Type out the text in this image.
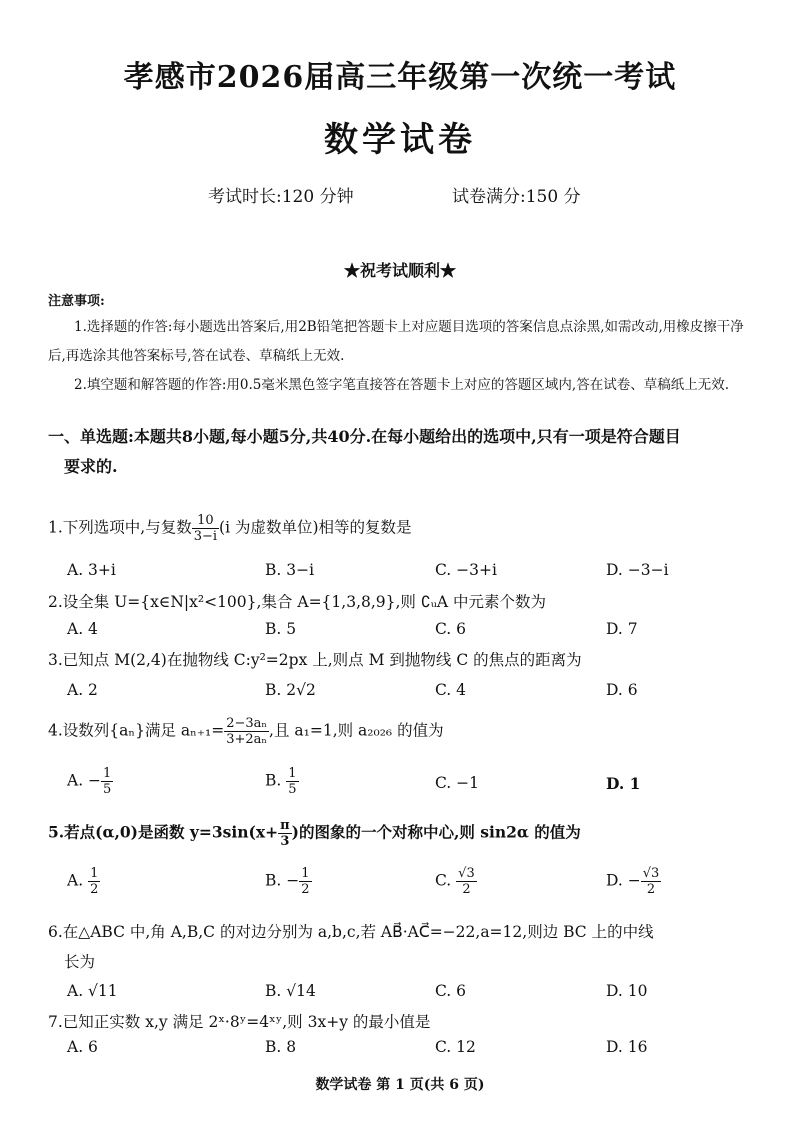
孝感市2026届高三年级第一次统一考试
数学试卷
考试时长:120 分钟	试卷满分:150 分
★祝考试顺利★
注意事项:
1.选择题的作答:每小题选出答案后,用2B铅笔把答题卡上对应题目选项的答案信息点涂黑,如需改动,用橡皮擦干净后,再选涂其他答案标号,答在试卷、草稿纸上无效.
2.填空题和解答题的作答:用0.5毫米黑色签字笔直接答在答题卡上对应的答题区域内,答在试卷、草稿纸上无效.
一、单选题:本题共8小题,每小题5分,共40分.在每小题给出的选项中,只有一项是符合题目
要求的.
1.下列选项中,与复数 $\frac{10}{3-i} (i$ 为虚数单位)相等的复数是
A. 3+i	B. 3−i	C. −3+i	D. −3−i
2.设全集 U={x∈N|x²<100},集合 A={1,3,8,9},则 ∁ᵤA 中元素个数为
A. 4	B. 5	C. 6	D. 7
3.已知点 M(2,4)在抛物线 C:y²=2px 上,则点 M 到抛物线 C 的焦点的距离为
A. 2	B. 2√2	C. 4	D. 6
4.设数列{aₙ}满足 $a_{n+1}= \frac{\text{2−3aₙ}}{\text{3+2aₙ}}$ ,且 a₁=1,则 a₂₀₂₆ 的值为
A. − $\frac{1}{5}$	B. $\frac{1}{5}$	C. −1	D. 1
5.若点(α,0)是函数 $y=3\sin(x+ \frac{\pi}{3}$ )的图象的一个对称中心,则 sin2α 的值为
A. $\frac{1}{2}$	B. − $\frac{1}{2}$	C. $\frac{√3}{2}$	D. − $\frac{√3}{2}$
6.在△ABC 中,角 A,B,C 的对边分别为 a,b,c,若 AB⃗·AC⃗=−22,a=12,则边 BC 上的中线
长为
A. √11	B. √14	C. 6	D. 10
7.已知正实数 x,y 满足 2ˣ·8ʸ=4ˣʸ,则 3x+y 的最小值是
A. 6	B. 8	C. 12	D. 16
数学试卷 第 1 页(共 6 页)
